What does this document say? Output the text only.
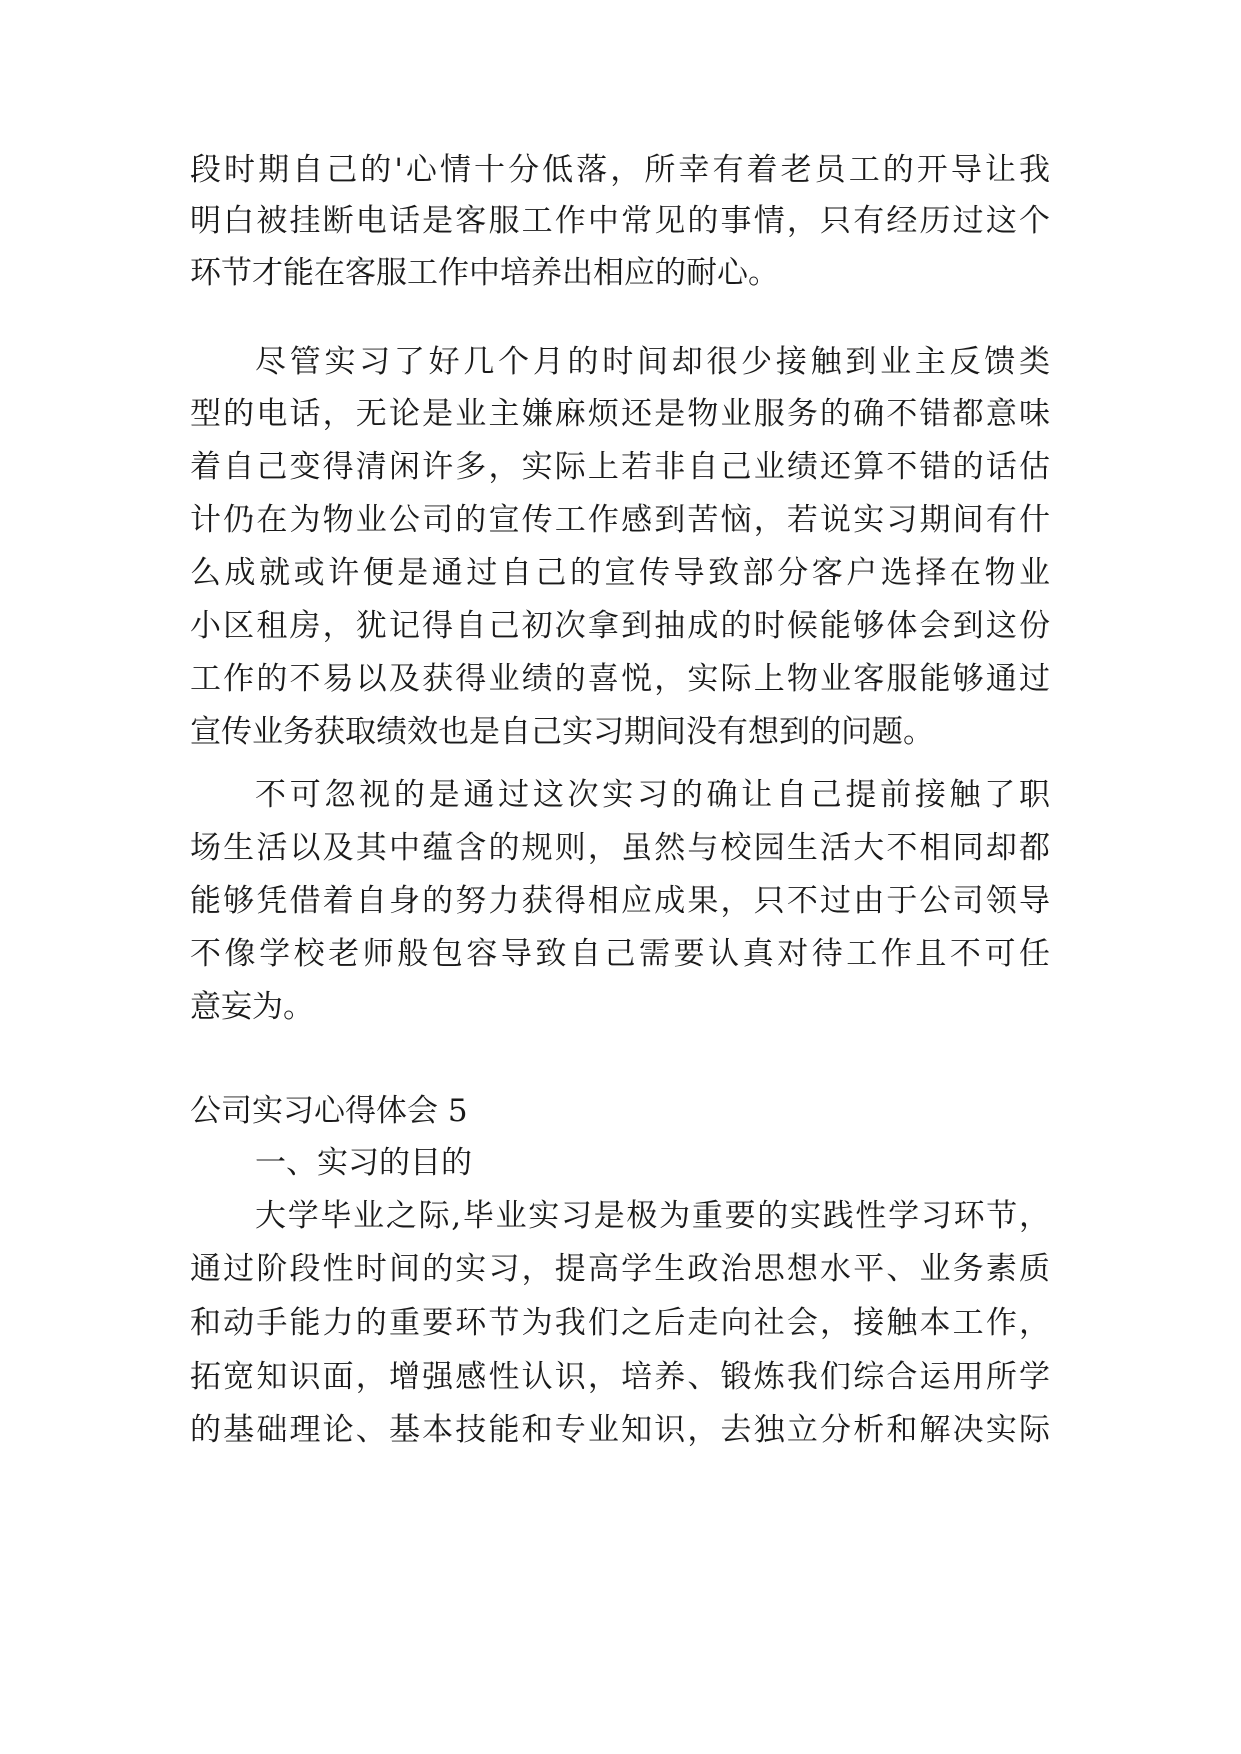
段时期自己的'心情十分低落，所幸有着老员工的开导让我
明白被挂断电话是客服工作中常见的事情，只有经历过这个
环节才能在客服工作中培养出相应的耐心。
尽管实习了好几个月的时间却很少接触到业主反馈类
型的电话，无论是业主嫌麻烦还是物业服务的确不错都意味
着自己变得清闲许多，实际上若非自己业绩还算不错的话估
计仍在为物业公司的宣传工作感到苦恼，若说实习期间有什
么成就或许便是通过自己的宣传导致部分客户选择在物业
小区租房，犹记得自己初次拿到抽成的时候能够体会到这份
工作的不易以及获得业绩的喜悦，实际上物业客服能够通过
宣传业务获取绩效也是自己实习期间没有想到的问题。
不可忽视的是通过这次实习的确让自己提前接触了职
场生活以及其中蕴含的规则，虽然与校园生活大不相同却都
能够凭借着自身的努力获得相应成果，只不过由于公司领导
不像学校老师般包容导致自己需要认真对待工作且不可任
意妄为。
公司实习心得体会 5
一、实习的目的
大学毕业之际,毕业实习是极为重要的实践性学习环节，
通过阶段性时间的实习，提高学生政治思想水平、业务素质
和动手能力的重要环节为我们之后走向社会，接触本工作，
拓宽知识面，增强感性认识，培养、锻炼我们综合运用所学
的基础理论、基本技能和专业知识，去独立分析和解决实际
